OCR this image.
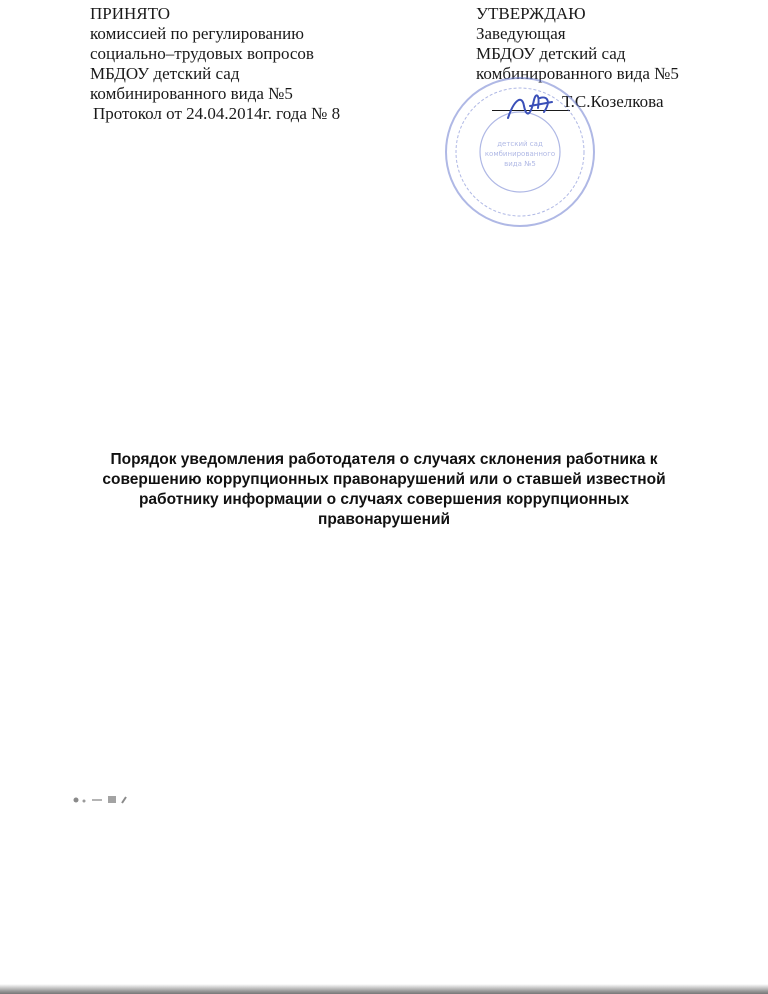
ПРИНЯТО
комиссией по регулированию
социально–трудовых вопросов
МБДОУ детский сад
комбинированного вида №5
Протокол от 24.04.2014г. года № 8
УТВЕРЖДАЮ
Заведующая
МБДОУ детский сад
комбинированного вида №5
Т.С.Козелкова
детский сад
комбинированного
вида №5
Порядок уведомления работодателя о случаях склонения работника к совершению коррупционных правонарушений или о ставшей известной работнику информации о случаях совершения коррупционных правонарушений
